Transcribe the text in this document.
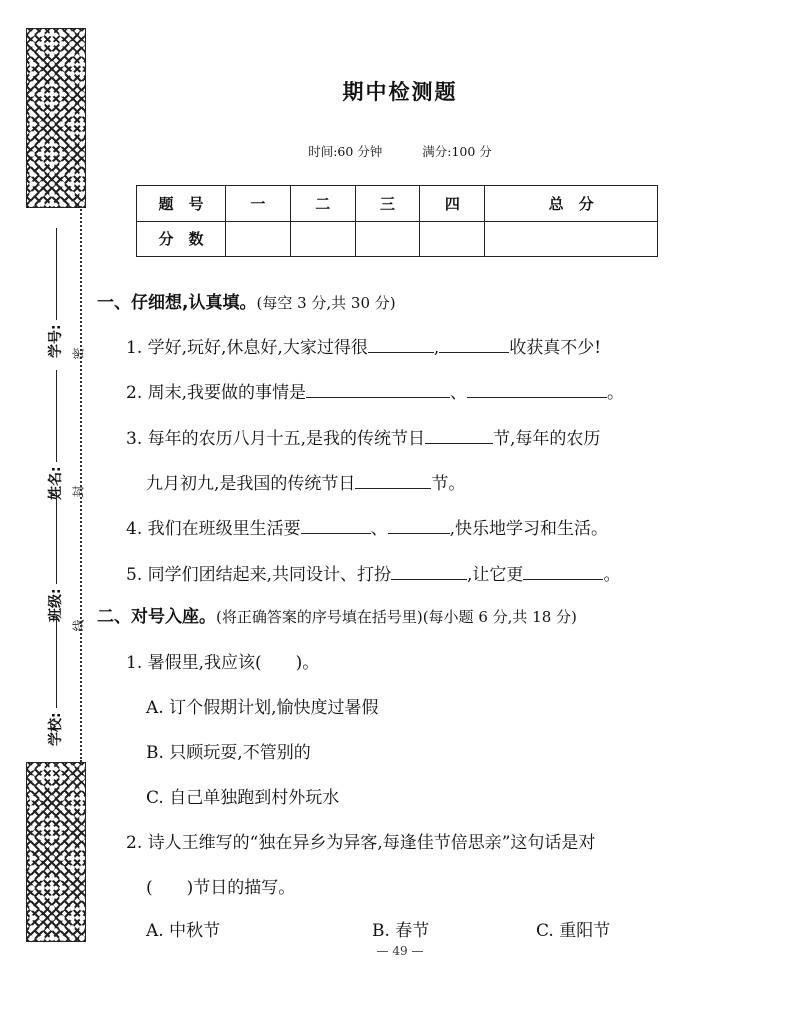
学号:
姓名:
班级:
学校:
密
封
线
期中检测题
时间:60 分钟	满分:100 分
题　号	一	二	三	四	总　分
分　数					
一、仔细想,认真填。(每空 3 分,共 30 分)
1. 学好,玩好,休息好,大家过得很	,	收获真不少!
2. 周末,我要做的事情是	、	。
3. 每年的农历八月十五,是我的传统节日	节,每年的农历
九月初九,是我国的传统节日	节。
4. 我们在班级里生活要	、	,快乐地学习和生活。
5. 同学们团结起来,共同设计、打扮	,让它更	。
二、对号入座。(将正确答案的序号填在括号里)(每小题 6 分,共 18 分)
1. 暑假里,我应该(　　)。
A. 订个假期计划,愉快度过暑假
B. 只顾玩耍,不管别的
C. 自己单独跑到村外玩水
2. 诗人王维写的“独在异乡为异客,每逢佳节倍思亲”这句话是对
(　　)节日的描写。
A. 中秋节	B. 春节	C. 重阳节
— 49 —
